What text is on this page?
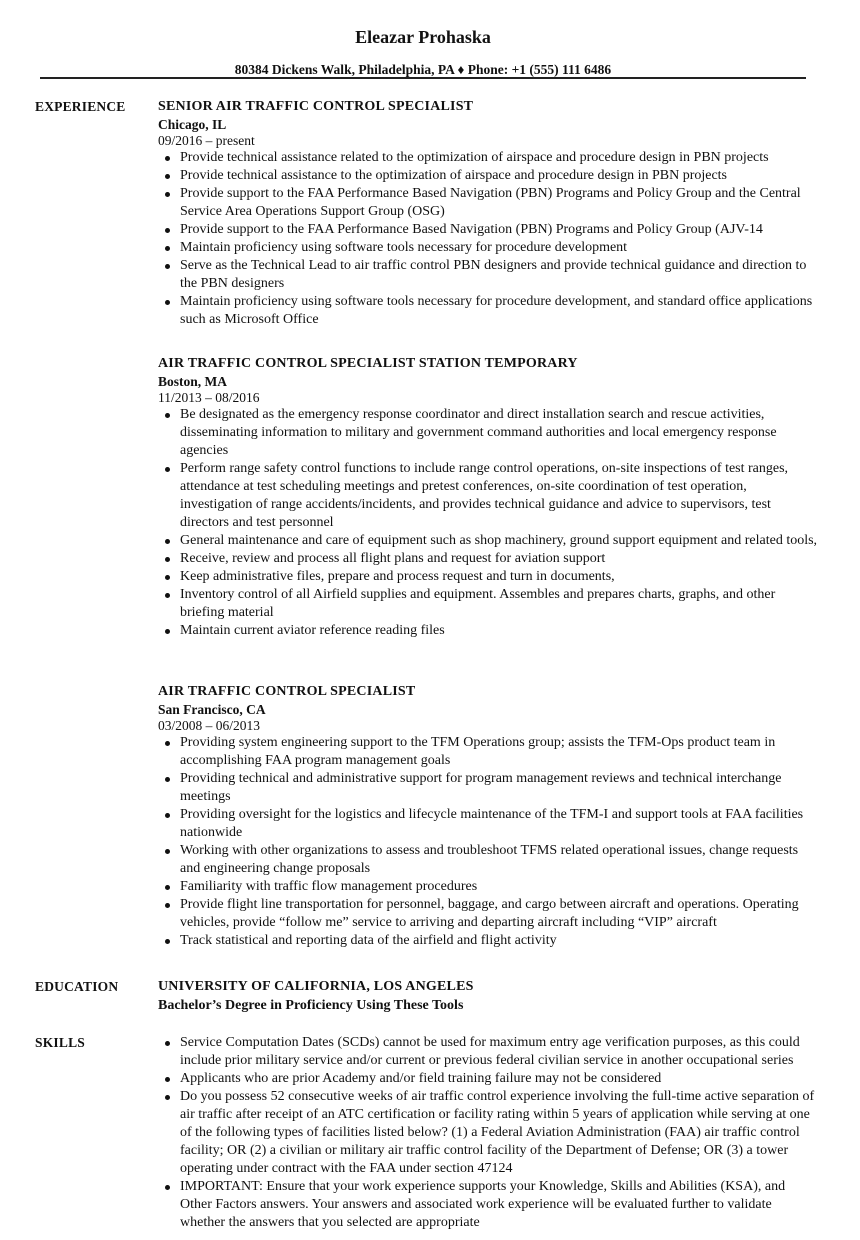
Eleazar Prohaska
80384 Dickens Walk, Philadelphia, PA ♦ Phone: +1 (555) 111 6486
EXPERIENCE SENIOR AIR TRAFFIC CONTROL SPECIALIST
Chicago, IL
09/2016 – present
Provide technical assistance related to the optimization of airspace and procedure design in PBN projects
Provide technical assistance to the optimization of airspace and procedure design in PBN projects
Provide support to the FAA Performance Based Navigation (PBN) Programs and Policy Group and the Central Service Area Operations Support Group (OSG)
Provide support to the FAA Performance Based Navigation (PBN) Programs and Policy Group (AJV-14
Maintain proficiency using software tools necessary for procedure development
Serve as the Technical Lead to air traffic control PBN designers and provide technical guidance and direction to the PBN designers
Maintain proficiency using software tools necessary for procedure development, and standard office applications such as Microsoft Office
AIR TRAFFIC CONTROL SPECIALIST STATION TEMPORARY
Boston, MA
11/2013 – 08/2016
Be designated as the emergency response coordinator and direct installation search and rescue activities, disseminating information to military and government command authorities and local emergency response agencies
Perform range safety control functions to include range control operations, on-site inspections of test ranges, attendance at test scheduling meetings and pretest conferences, on-site coordination of test operation, investigation of range accidents/incidents, and provides technical guidance and advice to supervisors, test directors and test personnel
General maintenance and care of equipment such as shop machinery, ground support equipment and related tools,
Receive, review and process all flight plans and request for aviation support
Keep administrative files, prepare and process request and turn in documents,
Inventory control of all Airfield supplies and equipment. Assembles and prepares charts, graphs, and other briefing material
Maintain current aviator reference reading files
AIR TRAFFIC CONTROL SPECIALIST
San Francisco, CA
03/2008 – 06/2013
Providing system engineering support to the TFM Operations group; assists the TFM-Ops product team in accomplishing FAA program management goals
Providing technical and administrative support for program management reviews and technical interchange meetings
Providing oversight for the logistics and lifecycle maintenance of the TFM-I and support tools at FAA facilities nationwide
Working with other organizations to assess and troubleshoot TFMS related operational issues, change requests and engineering change proposals
Familiarity with traffic flow management procedures
Provide flight line transportation for personnel, baggage, and cargo between aircraft and operations. Operating vehicles, provide “follow me” service to arriving and departing aircraft including “VIP” aircraft
Track statistical and reporting data of the airfield and flight activity
EDUCATION	UNIVERSITY OF CALIFORNIA, LOS ANGELES
Bachelor’s Degree in Proficiency Using These Tools
SKILLS	Service Computation Dates (SCDs) cannot be used for maximum entry age verification purposes, as this could include prior military service and/or current or previous federal civilian service in another occupational series
Applicants who are prior Academy and/or field training failure may not be considered
Do you possess 52 consecutive weeks of air traffic control experience involving the full-time active separation of air traffic after receipt of an ATC certification or facility rating within 5 years of application while serving at one of the following types of facilities listed below? (1) a Federal Aviation Administration (FAA) air traffic control facility; OR (2) a civilian or military air traffic control facility of the Department of Defense; OR (3) a tower operating under contract with the FAA under section 47124
IMPORTANT: Ensure that your work experience supports your Knowledge, Skills and Abilities (KSA), and Other Factors answers. Your answers and associated work experience will be evaluated further to validate whether the answers that you selected are appropriate
